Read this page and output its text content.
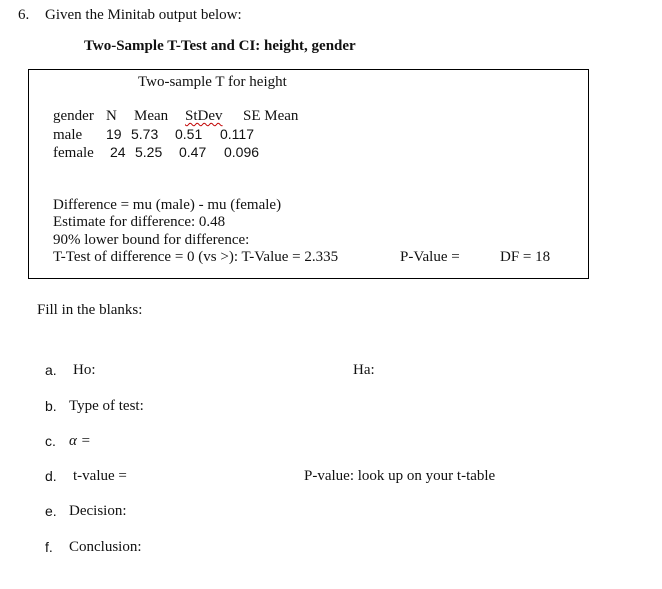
6. Given the Minitab output below:
Two-Sample T-Test and CI: height, gender
Two-sample T for height
gender N Mean StDev SE Mean
male 19 5.73 0.51 0.117
female 24 5.25 0.47 0.096
Difference = mu (male) - mu (female)
Estimate for difference: 0.48
90% lower bound for difference:
T-Test of difference = 0 (vs >): T-Value = 2.335	P-Value =	DF = 18
Fill in the blanks:
a. Ho:	Ha:
b. Type of test:
c. α =
d. t-value =	P-value: look up on your t-table
e. Decision:
f. Conclusion:
